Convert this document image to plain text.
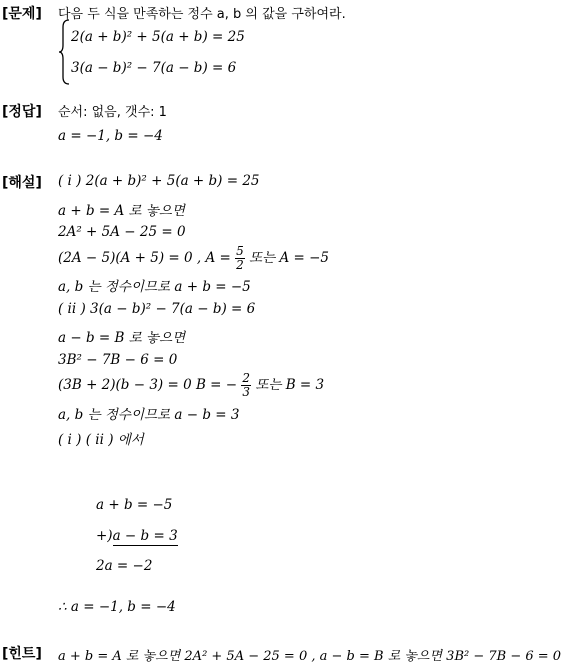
[문제]
[정답]
[해설]
[힌트]
다음 두 식을 만족하는 정수 a, b 의 값을 구하여라.
2(a + b)² + 5(a + b) = 25
3(a − b)² − 7(a − b) = 6
순서: 없음, 갯수: 1
a = −1, b = −4
( i ) 2(a + b)² + 5(a + b) = 25
a + b = A 로 놓으면
2A² + 5A − 25 = 0
(2A − 5)(A + 5) = 0 , $A = \frac{5}{2}$ 또는 A = −5
a, b 는 정수이므로 a + b = −5
( ii ) 3(a − b)² − 7(a − b) = 6
a − b = B 로 놓으면
3B² − 7B − 6 = 0
(3B + 2)(b − 3) = 0 B = − $\frac{2}{3}$ 또는 B = 3
a, b 는 정수이므로 a − b = 3
( i ) ( ii ) 에서
a + b = −5
+)a − b = 3
2a = −2
∴ a = −1, b = −4
a + b = A 로 놓으면 2A² + 5A − 25 = 0 , a − b = B 로 놓으면 3B² − 7B − 6 = 0
